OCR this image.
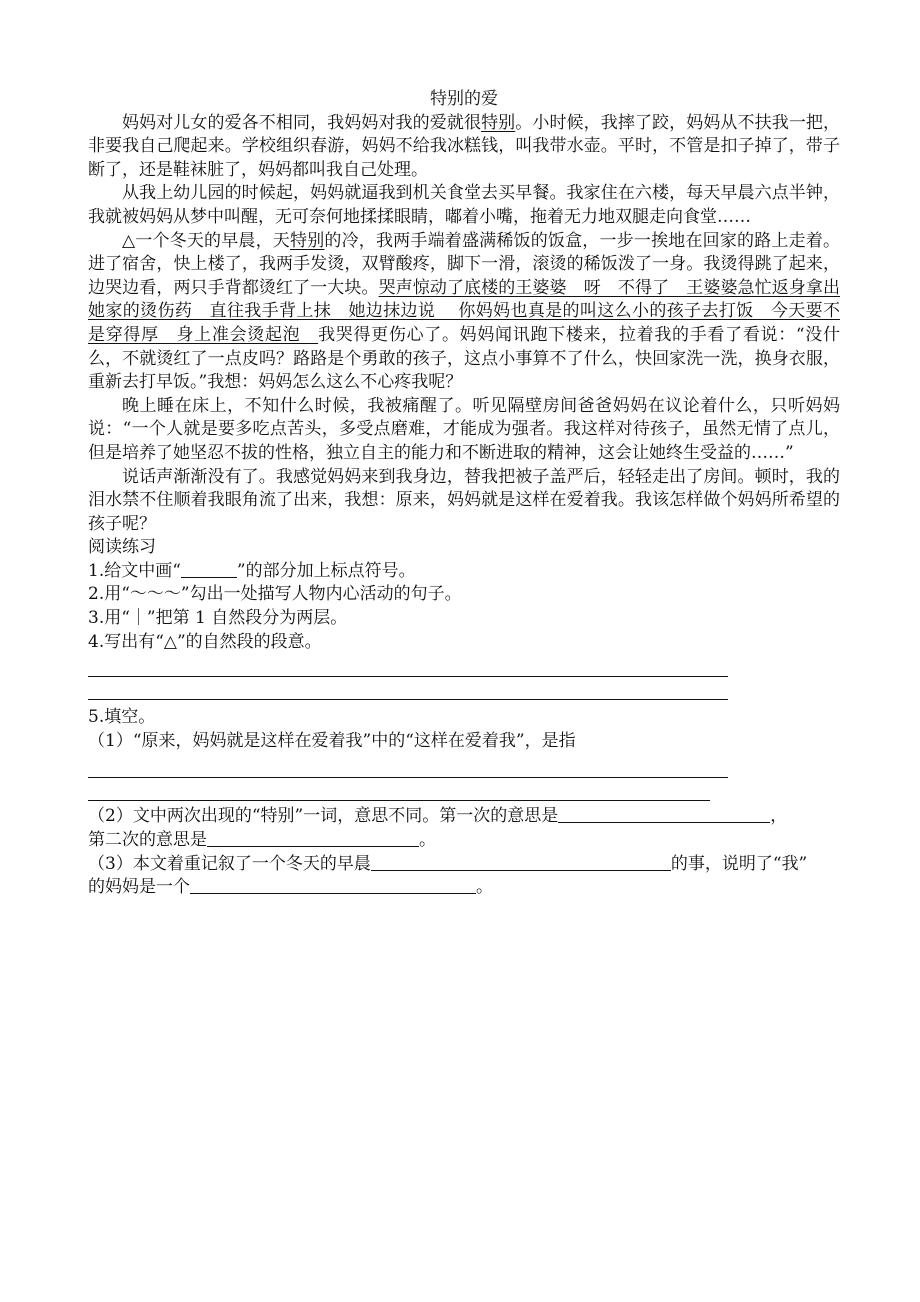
特别的爱

妈妈对儿女的爱各不相同，我妈妈对我的爱就很特别。小时候，我摔了跤，妈妈从不扶我一把，非要我自己爬起来。学校组织春游，妈妈不给我冰糕钱，叫我带水壶。平时，不管是扣子掉了，带子断了，还是鞋袜脏了，妈妈都叫我自己处理。

从我上幼儿园的时候起，妈妈就逼我到机关食堂去买早餐。我家住在六楼，每天早晨六点半钟，我就被妈妈从梦中叫醒，无可奈何地揉揉眼睛，嘟着小嘴，拖着无力地双腿走向食堂……

△一个冬天的早晨，天特别的冷，我两手端着盛满稀饭的饭盒，一步一挨地在回家的路上走着。进了宿舍，快上楼了，我两手发烫，双臂酸疼，脚下一滑，滚烫的稀饭泼了一身。我烫得跳了起来，边哭边看，两只手背都烫红了一大块。哭声惊动了底楼的王婆婆　呀　不得了　王婆婆急忙返身拿出她家的烫伤药　直往我手背上抹　她边抹边说　 你妈妈也真是的叫这么小的孩子去打饭　今天要不是穿得厚　身上准会烫起泡　我哭得更伤心了。妈妈闻讯跑下楼来，拉着我的手看了看说：“没什么，不就烫红了一点皮吗？路路是个勇敢的孩子，这点小事算不了什么，快回家洗一洗，换身衣服，重新去打早饭。”我想：妈妈怎么这么不心疼我呢？

晚上睡在床上，不知什么时候，我被痛醒了。听见隔壁房间爸爸妈妈在议论着什么，只听妈妈说：“一个人就是要多吃点苦头，多受点磨难，才能成为强者。我这样对待孩子，虽然无情了点儿，但是培养了她坚忍不拔的性格，独立自主的能力和不断进取的精神，这会让她终生受益的……”

说话声渐渐没有了。我感觉妈妈来到我身边，替我把被子盖严后，轻轻走出了房间。顿时，我的泪水禁不住顺着我眼角流了出来，我想：原来，妈妈就是这样在爱着我。我该怎样做个妈妈所希望的孩子呢？

阅读练习

1.给文中画“	”的部分加上标点符号。

2.用“～～～”勾出一处描写人物内心活动的句子。

3.用“｜”把第 1 自然段分为两层。

4.写出有“△”的自然段的段意。

5.填空。

（1）“原来，妈妈就是这样在爱着我”中的“这样在爱着我”，是指

（2）文中两次出现的“特别”一词，意思不同。第一次的意思是	，

第二次的意思是	。

（3）本文着重记叙了一个冬天的早晨	的事，说明了“我”

的妈妈是一个	。
